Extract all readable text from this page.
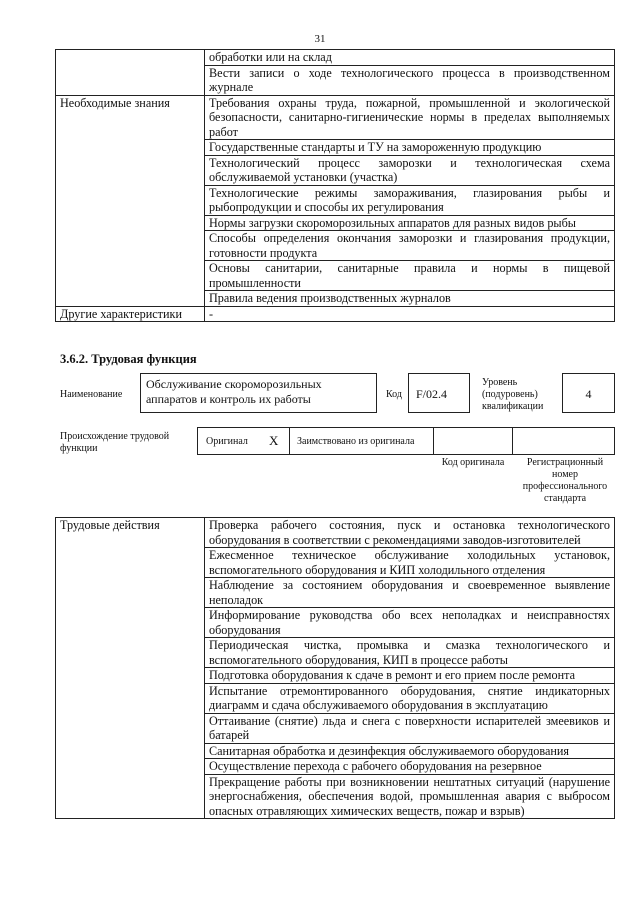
31
	обработки или на склад
	Вести записи о ходе технологического процесса в производственном журнале
Необходимые знания	Требования охраны труда, пожарной, промышленной и экологической безопасности, санитарно-гигиенические нормы в пределах выполняемых работ
	Государственные стандарты и ТУ на замороженную продукцию
	Технологический процесс заморозки и технологическая схема обслуживаемой установки (участка)
	Технологические режимы замораживания, глазирования рыбы и рыбопродукции и способы их регулирования
	Нормы загрузки скороморозильных аппаратов для разных видов рыбы
	Способы определения окончания заморозки и глазирования продукции, готовности продукта
	Основы санитарии, санитарные правила и нормы в пищевой промышленности
	Правила ведения производственных журналов
Другие характеристики	-
3.6.2. Трудовая функция
Наименование
Обслуживание скороморозильных аппаратов и контроль их работы	Код	F/02.4
Уровень (подуровень) квалификации
4
Происхождение трудовой функции
Оригинал X Заимствовано из оригинала
Код оригинала	Регистрационный номер профессионального стандарта
Трудовые действия	Проверка рабочего состояния, пуск и остановка технологического оборудования в соответствии с рекомендациями заводов-изготовителей
	Ежесменное техническое обслуживание холодильных установок, вспомогательного оборудования и КИП холодильного отделения
	Наблюдение за состоянием оборудования и своевременное выявление неполадок
	Информирование руководства обо всех неполадках и неисправностях оборудования
	Периодическая чистка, промывка и смазка технологического и вспомогательного оборудования, КИП в процессе работы
	Подготовка оборудования к сдаче в ремонт и его прием после ремонта
	Испытание отремонтированного оборудования, снятие индикаторных диаграмм и сдача обслуживаемого оборудования в эксплуатацию
	Оттаивание (снятие) льда и снега с поверхности испарителей змеевиков и батарей
	Санитарная обработка и дезинфекция обслуживаемого оборудования
	Осуществление перехода с рабочего оборудования на резервное
	Прекращение работы при возникновении нештатных ситуаций (нарушение энергоснабжения, обеспечения водой, промышленная авария с выбросом опасных отравляющих химических веществ, пожар и взрыв)
